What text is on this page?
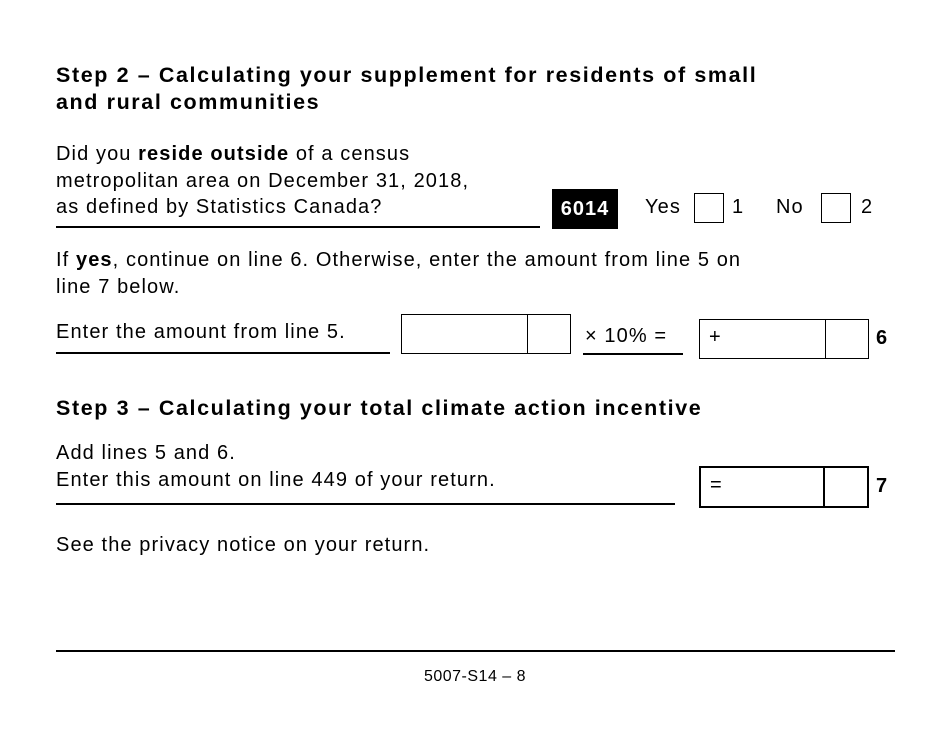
Step 2 – Calculating your supplement for residents of small

and rural communities

Did you reside outside of a census
metropolitan area on December 31, 2018,
as defined by Statistics Canada?	6014	Yes	1 No	2
If yes, continue on line 6. Otherwise, enter the amount from line 5 on
line 7 below.
Enter the amount from line 5.	× 10% = +	6

Step 3 – Calculating your total climate action incentive

Add lines 5 and 6.
Enter this amount on line 449 of your return.	=	7
See the privacy notice on your return.
5007-S14 – 8
